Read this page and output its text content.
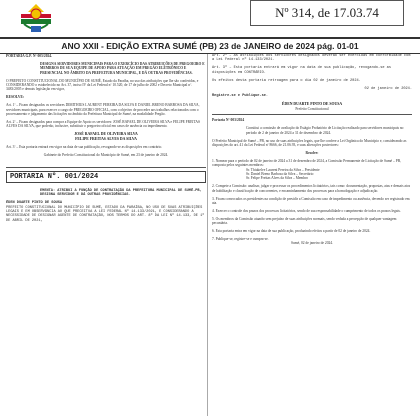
Nº 314, de 17.03.74
ANO XXII - EDIÇÃO EXTRA SUMÉ (PB) 23 de JANEIRO de 2024 pág. 01-01

PORTARIA G.P. Nº 005/2024.

DESIGNA SERVIDORES MUNICIPAIS PARA O EXERCÍCIO DAS ATRIBUIÇÕES DE PREGOEIRO E MEMBROS DE SUA EQUIPE DE APOIO PARA ATUAÇÃO EM PREGÃO ELETRÔNICO E PRESENCIAL NO ÂMBITO DA PREFEITURA MUNICIPAL, E DÁ OUTRAS PROVIDÊNCIAS.

O PREFEITO CONSTITUCIONAL DO MUNICÍPIO DE SUMÉ, Estado da Paraíba, no uso das atribuições que lhe são conferidas, e CONSIDERANDO o estabelecido no Art. 37, inciso IV da Lei Federal nº 10.520, de 17 de julho de 2002 e Decreto Municipal nº. 3483/2005 e demais legislação em vigor,

RESOLVE:

Art. 1º – Ficam designados os servidores DIMITHIUS LAURENT PEREIRA DA SILVA E DANIEL BRENO BARBOSA DA SILVA, servidores municipais, para exercer o cargo de PREGOEIRO OFICIAL, com o objetivo de proceder aos trabalhos relacionados com o processamento e julgamento das licitações no âmbito da Prefeitura Municipal de Sumé, na modalidade Pregão.

Art. 2º – Ficam designados para compor a Equipe de Apoio os servidores: JOSÉ RAFAEL DE OLIVEIRA SILVA e FELIPE FREITAS ALVES DA SILVA, que poderão, inclusive, substituir o pregoeiro oficial em casos de ausência ou impedimento.

JOSÉ RAFAEL DE OLIVEIRA SILVA

FELIPE FREITAS ALVES DA SILVA

Art. 3º – Esta portaria entrará em vigor na data de sua publicação, revogando-se as disposições em contrário.

Gabinete do Prefeito Constitucional do Município de Sumé, em 23 de janeiro de 2024.

PORTARIA Nº. 001/2024

EMENTA: ATRIBUI A FUNÇÃO DE CONTRATAÇÃO DA PREFEITURA MUNICIPAL DE SUMÉ-PB, DESIGNA SERVIDOR E DÁ OUTRAS PROVIDÊNCIAS.

ÉDEN DUARTE PINTO DE SOUSA

PREFEITO CONSTITUCIONAL DO MUNICÍPIO DE SUMÉ, ESTADO DA PARAÍBA, NO USO DE SUAS ATRIBUIÇÕES LEGAIS E EM OBSERVÂNCIA AO QUE PRECEITUA A LEI FEDERAL Nº 14.133/2021, E CONSIDERANDO A NECESSIDADE DE DESIGNAR AGENTE DE CONTRATAÇÃO, NOS TERMOS DO ART. 8º DA LEI Nº 14.133, DE 1º DE ABRIL DE 2021,

Art. 2º – As atribuições dos servidores designados deverão ser exercidas em conformidade com a Lei Federal nº 14.133/2021.

Art. 3º – Esta portaria entrará em vigor na data de sua publicação, revogando-se as disposições em CONTRÁRIO.

Os efeitos desta portaria retroagem para o dia 02 de janeiro de 2024.

02 de janeiro de 2024.

Registre-se e Publique-se.

ÉDEN DUARTE PINTO DE SOUSA

Prefeito Constitucional

Portaria Nº 003/2024

Constitui a comissão de avaliação do Estágio Probatório de Licitação realizado para servidores municipais no período de 2 de janeiro de 2024 a 31 de dezembro de 2024.

O Prefeito Municipal de Sumé – PB, no uso de suas atribuições legais, que lhe confere a Lei Orgânica do Município e, considerando as disposições do art. 41 da Lei Federal nº 8666, de 21.06.93, e suas alterações posteriores:

Resolve:

1. Nomear para o período de 02 de janeiro de 2024 a 31 de dezembro de 2024, a Comissão Permanente de Licitação de Sumé – PB, composta pelos seguintes membros:

Sr. Thiukelve Laurent Pereira da Silva – Presidente

Sr. Daniel Breno Barbosa da Silva – Secretário

Sr. Felipe Freitas Alves da Silva – Membro

2. Compete a Comissão: analisar, julgar e processar os procedimentos licitatórios, tais como: documentação, propostas, atas e demais atos de habilitação e classificação de concorrentes, e encaminhamento dos processos para a homologação e adjudicação.

3. Ficam convocados os presidentes na condição de presidir a Comissão em caso de impedimento ou ausência, devendo ser registrado em ata.

4. Exercer o controle dos prazos dos processos licitatórios, sendo de sua responsabilidade o cumprimento de todos os prazos legais.

5. Os membros da Comissão atuarão sem prejuízo de suas atribuições normais, sendo vedada a percepção de qualquer vantagem pecuniária.

6. Esta portaria entra em vigor na data de sua publicação, produzindo efeitos a partir de 02 de janeiro de 2024.

7. Publique-se, registre-se e cumpra-se.

Sumé, 02 de janeiro de 2024.
